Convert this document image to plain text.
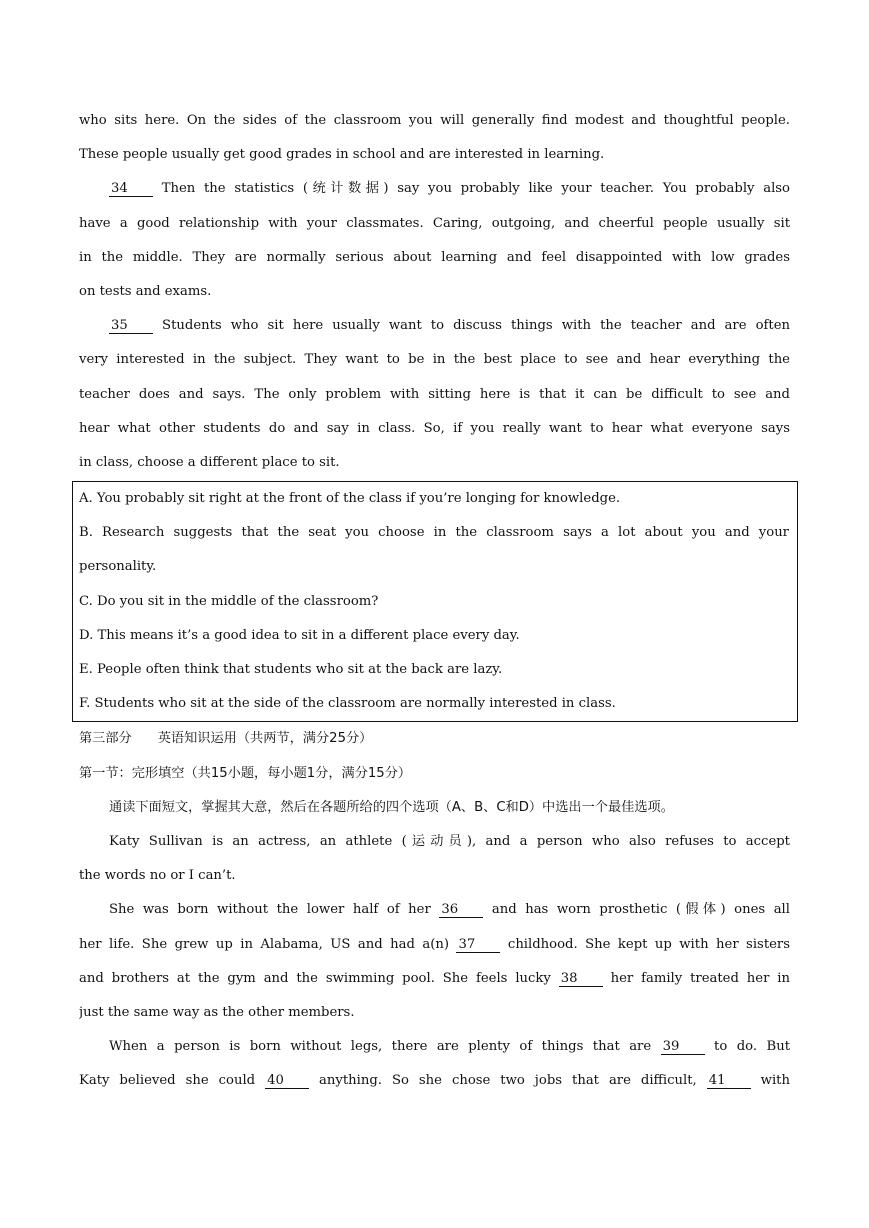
who sits here. On the sides of the classroom you will generally find modest and thoughtful people.
These people usually get good grades in school and are interested in learning.
34 Then the statistics (统计数据) say you probably like your teacher. You probably also
have a good relationship with your classmates. Caring, outgoing, and cheerful people usually sit
in the middle. They are normally serious about learning and feel disappointed with low grades
on tests and exams.
35 Students who sit here usually want to discuss things with the teacher and are often
very interested in the subject. They want to be in the best place to see and hear everything the
teacher does and says. The only problem with sitting here is that it can be difficult to see and
hear what other students do and say in class. So, if you really want to hear what everyone says
in class, choose a different place to sit.
A. You probably sit right at the front of the class if you’re longing for knowledge.
B. Research suggests that the seat you choose in the classroom says a lot about you and your
personality.
C. Do you sit in the middle of the classroom?
D. This means it’s a good idea to sit in a different place every day.
E. People often think that students who sit at the back are lazy.
F. Students who sit at the side of the classroom are normally interested in class.
第三部分 英语知识运用（共两节，满分25分）
第一节：完形填空（共15小题，每小题1分，满分15分）
通读下面短文，掌握其大意，然后在各题所给的四个选项（A、B、C和D）中选出一个最佳选项。
Katy Sullivan is an actress, an athlete (运动员), and a person who also refuses to accept
the words no or I can’t.
She was born without the lower half of her 36 and has worn prosthetic (假体) ones all
her life. She grew up in Alabama, US and had a(n) 37 childhood. She kept up with her sisters
and brothers at the gym and the swimming pool. She feels lucky 38 her family treated her in
just the same way as the other members.
When a person is born without legs, there are plenty of things that are 39 to do. But
Katy believed she could 40 anything. So she chose two jobs that are difficult, 41 with
